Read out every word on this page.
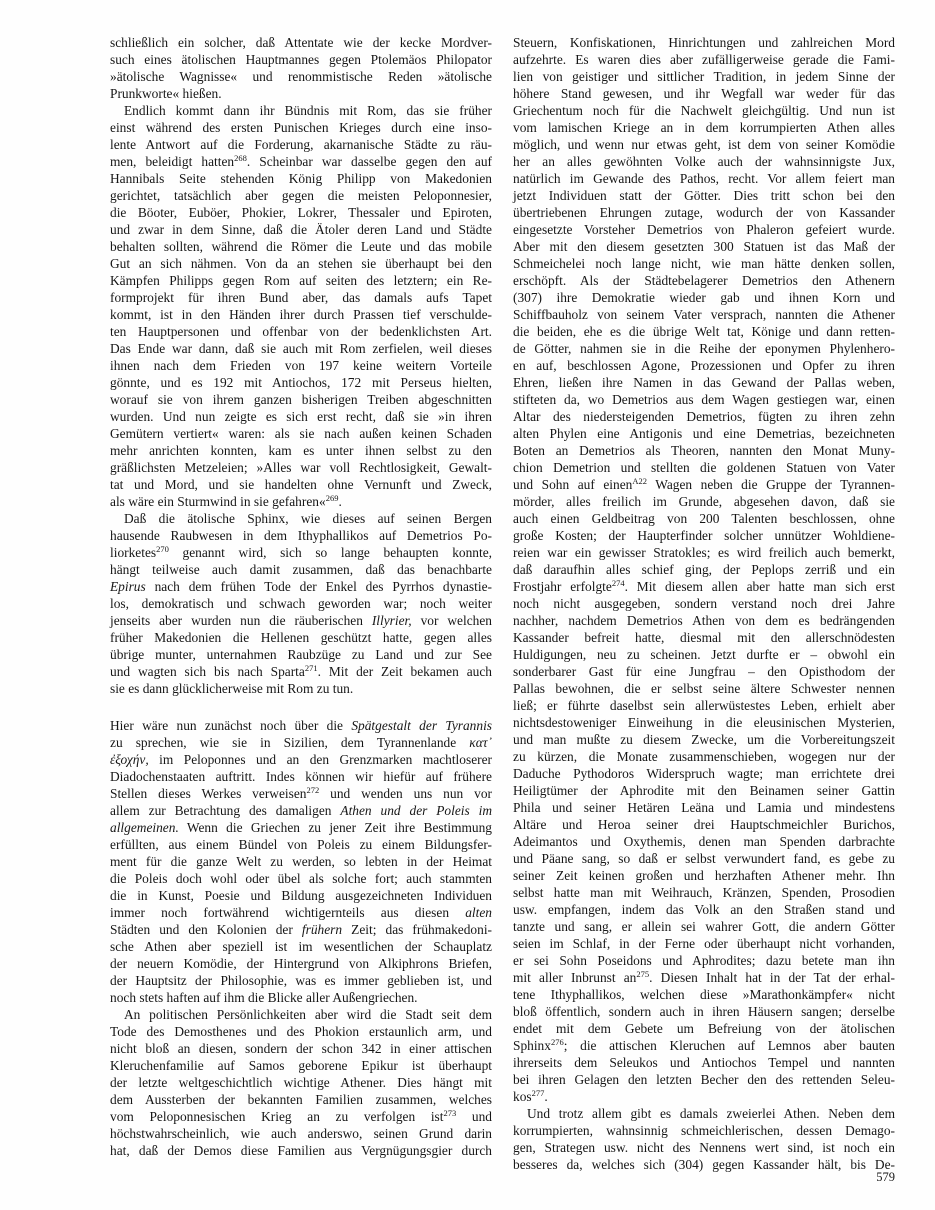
schließlich ein solcher, daß Attentate wie der kecke Mordver-
such eines ätolischen Hauptmannes gegen Ptolemäos Philopator
»ätolische Wagnisse« und renommistische Reden »ätolische
Prunkworte« hießen.
Endlich kommt dann ihr Bündnis mit Rom, das sie früher
einst während des ersten Punischen Krieges durch eine inso-
lente Antwort auf die Forderung, akarnanische Städte zu räu-
men, beleidigt hatten$^{268}$. Scheinbar war dasselbe gegen den auf
Hannibals Seite stehenden König Philipp von Makedonien
gerichtet, tatsächlich aber gegen die meisten Peloponnesier,
die Böoter, Euböer, Phokier, Lokrer, Thessaler und Epiroten,
und zwar in dem Sinne, daß die Ätoler deren Land und Städte
behalten sollten, während die Römer die Leute und das mobile
Gut an sich nähmen. Von da an stehen sie überhaupt bei den
Kämpfen Philipps gegen Rom auf seiten des letztern; ein Re-
formprojekt für ihren Bund aber, das damals aufs Tapet
kommt, ist in den Händen ihrer durch Prassen tief verschulde-
ten Hauptpersonen und offenbar von der bedenklichsten Art.
Das Ende war dann, daß sie auch mit Rom zerfielen, weil dieses
ihnen nach dem Frieden von 197 keine weitern Vorteile
gönnte, und es 192 mit Antiochos, 172 mit Perseus hielten,
worauf sie von ihrem ganzen bisherigen Treiben abgeschnitten
wurden. Und nun zeigte es sich erst recht, daß sie »in ihren
Gemütern vertiert« waren: als sie nach außen keinen Schaden
mehr anrichten konnten, kam es unter ihnen selbst zu den
gräßlichsten Metzeleien; »Alles war voll Rechtlosigkeit, Gewalt-
tat und Mord, und sie handelten ohne Vernunft und Zweck,
als wäre ein Sturmwind in sie gefahren«$^{269}$.
Daß die ätolische Sphinx, wie dieses auf seinen Bergen
hausende Raubwesen in dem Ithyphallikos auf Demetrios Po-
liorketes$^{270}$ genannt wird, sich so lange behaupten konnte,
hängt teilweise auch damit zusammen, daß das benachbarte
Epirus nach dem frühen Tode der Enkel des Pyrrhos dynastie-
los, demokratisch und schwach geworden war; noch weiter
jenseits aber wurden nun die räuberischen Illyrier, vor welchen
früher Makedonien die Hellenen geschützt hatte, gegen alles
übrige munter, unternahmen Raubzüge zu Land und zur See
und wagten sich bis nach Sparta$^{271}$. Mit der Zeit bekamen auch
sie es dann glücklicherweise mit Rom zu tun.
Hier wäre nun zunächst noch über die Spätgestalt der Tyrannis
zu sprechen, wie sie in Sizilien, dem Tyrannenlande κατ᾽
ἐξοχήν, im Peloponnes und an den Grenzmarken machtloserer
Diadochenstaaten auftritt. Indes können wir hiefür auf frühere
Stellen dieses Werkes verweisen$^{272}$ und wenden uns nun vor
allem zur Betrachtung des damaligen Athen und der Poleis im
allgemeinen. Wenn die Griechen zu jener Zeit ihre Bestimmung
erfüllten, aus einem Bündel von Poleis zu einem Bildungsfer-
ment für die ganze Welt zu werden, so lebten in der Heimat
die Poleis doch wohl oder übel als solche fort; auch stammten
die in Kunst, Poesie und Bildung ausgezeichneten Individuen
immer noch fortwährend wichtigernteils aus diesen alten
Städten und den Kolonien der frühern Zeit; das frühmakedoni-
sche Athen aber speziell ist im wesentlichen der Schauplatz
der neuern Komödie, der Hintergrund von Alkiphrons Briefen,
der Hauptsitz der Philosophie, was es immer geblieben ist, und
noch stets haften auf ihm die Blicke aller Außengriechen.
An politischen Persönlichkeiten aber wird die Stadt seit dem
Tode des Demosthenes und des Phokion erstaunlich arm, und
nicht bloß an diesen, sondern der schon 342 in einer attischen
Kleruchenfamilie auf Samos geborene Epikur ist überhaupt
der letzte weltgeschichtlich wichtige Athener. Dies hängt mit
dem Aussterben der bekannten Familien zusammen, welches
vom Peloponnesischen Krieg an zu verfolgen ist$^{273}$ und
höchstwahrscheinlich, wie auch anderswo, seinen Grund darin
hat, daß der Demos diese Familien aus Vergnügungsgier durch
Steuern, Konfiskationen, Hinrichtungen und zahlreichen Mord
aufzehrte. Es waren dies aber zufälligerweise gerade die Fami-
lien von geistiger und sittlicher Tradition, in jedem Sinne der
höhere Stand gewesen, und ihr Wegfall war weder für das
Griechentum noch für die Nachwelt gleichgültig. Und nun ist
vom lamischen Kriege an in dem korrumpierten Athen alles
möglich, und wenn nur etwas geht, ist dem von seiner Komödie
her an alles gewöhnten Volke auch der wahnsinnigste Jux,
natürlich im Gewande des Pathos, recht. Vor allem feiert man
jetzt Individuen statt der Götter. Dies tritt schon bei den
übertriebenen Ehrungen zutage, wodurch der von Kassander
eingesetzte Vorsteher Demetrios von Phaleron gefeiert wurde.
Aber mit den diesem gesetzten 300 Statuen ist das Maß der
Schmeichelei noch lange nicht, wie man hätte denken sollen,
erschöpft. Als der Städtebelagerer Demetrios den Athenern
(307) ihre Demokratie wieder gab und ihnen Korn und
Schiffbauholz von seinem Vater versprach, nannten die Athener
die beiden, ehe es die übrige Welt tat, Könige und dann retten-
de Götter, nahmen sie in die Reihe der eponymen Phylenhero-
en auf, beschlossen Agone, Prozessionen und Opfer zu ihren
Ehren, ließen ihre Namen in das Gewand der Pallas weben,
stifteten da, wo Demetrios aus dem Wagen gestiegen war, einen
Altar des niedersteigenden Demetrios, fügten zu ihren zehn
alten Phylen eine Antigonis und eine Demetrias, bezeichneten
Boten an Demetrios als Theoren, nannten den Monat Muny-
chion Demetrion und stellten die goldenen Statuen von Vater
und Sohn auf einen$^{A22}$ Wagen neben die Gruppe der Tyrannen-
mörder, alles freilich im Grunde, abgesehen davon, daß sie
auch einen Geldbeitrag von 200 Talenten beschlossen, ohne
große Kosten; der Haupterfinder solcher unnützer Wohldiene-
reien war ein gewisser Stratokles; es wird freilich auch bemerkt,
daß daraufhin alles schief ging, der Peplops zerriß und ein
Frostjahr erfolgte$^{274}$. Mit diesem allen aber hatte man sich erst
noch nicht ausgegeben, sondern verstand noch drei Jahre
nachher, nachdem Demetrios Athen von dem es bedrängenden
Kassander befreit hatte, diesmal mit den allerschnödesten
Huldigungen, neu zu scheinen. Jetzt durfte er – obwohl ein
sonderbarer Gast für eine Jungfrau – den Opisthodom der
Pallas bewohnen, die er selbst seine ältere Schwester nennen
ließ; er führte daselbst sein allerwüstestes Leben, erhielt aber
nichtsdestoweniger Einweihung in die eleusinischen Mysterien,
und man mußte zu diesem Zwecke, um die Vorbereitungszeit
zu kürzen, die Monate zusammenschieben, wogegen nur der
Daduche Pythodoros Widerspruch wagte; man errichtete drei
Heiligtümer der Aphrodite mit den Beinamen seiner Gattin
Phila und seiner Hetären Leäna und Lamia und mindestens
Altäre und Heroa seiner drei Hauptschmeichler Burichos,
Adeimantos und Oxythemis, denen man Spenden darbrachte
und Päane sang, so daß er selbst verwundert fand, es gebe zu
seiner Zeit keinen großen und herzhaften Athener mehr. Ihn
selbst hatte man mit Weihrauch, Kränzen, Spenden, Prosodien
usw. empfangen, indem das Volk an den Straßen stand und
tanzte und sang, er allein sei wahrer Gott, die andern Götter
seien im Schlaf, in der Ferne oder überhaupt nicht vorhanden,
er sei Sohn Poseidons und Aphrodites; dazu betete man ihn
mit aller Inbrunst $an^{275}$. Diesen Inhalt hat in der Tat der erhal-
tene Ithyphallikos, welchen diese »Marathonkämpfer« nicht
bloß öffentlich, sondern auch in ihren Häusern sangen; derselbe
endet mit dem Gebete um Befreiung von der ätolischen
Sphinx$^{276}$; die attischen Kleruchen auf Lemnos aber bauten
ihrerseits dem Seleukos und Antiochos Tempel und nannten
bei ihren Gelagen den letzten Becher den des rettenden Seleu-
kos$^{277}$.
Und trotz allem gibt es damals zweierlei Athen. Neben dem
korrumpierten, wahnsinnig schmeichlerischen, dessen Demago-
gen, Strategen usw. nicht des Nennens wert sind, ist noch ein
besseres da, welches sich (304) gegen Kassander hält, bis De-
579
